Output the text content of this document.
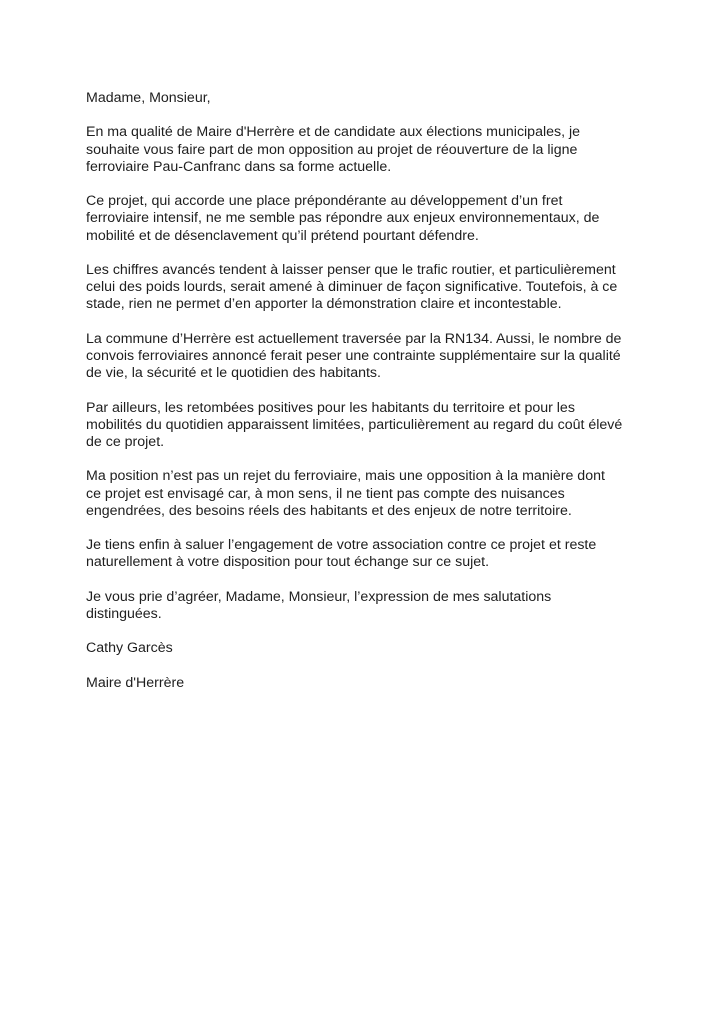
Madame, Monsieur,

En ma qualité de Maire d'Herrère et de candidate aux élections municipales, je
souhaite vous faire part de mon opposition au projet de réouverture de la ligne
ferroviaire Pau-Canfranc dans sa forme actuelle.

Ce projet, qui accorde une place prépondérante au développement d’un fret
ferroviaire intensif, ne me semble pas répondre aux enjeux environnementaux, de
mobilité et de désenclavement qu’il prétend pourtant défendre.

Les chiffres avancés tendent à laisser penser que le trafic routier, et particulièrement
celui des poids lourds, serait amené à diminuer de façon significative. Toutefois, à ce
stade, rien ne permet d’en apporter la démonstration claire et incontestable.

La commune d’Herrère est actuellement traversée par la RN134. Aussi, le nombre de
convois ferroviaires annoncé ferait peser une contrainte supplémentaire sur la qualité
de vie, la sécurité et le quotidien des habitants.

Par ailleurs, les retombées positives pour les habitants du territoire et pour les
mobilités du quotidien apparaissent limitées, particulièrement au regard du coût élevé
de ce projet.

Ma position n’est pas un rejet du ferroviaire, mais une opposition à la manière dont
ce projet est envisagé car, à mon sens, il ne tient pas compte des nuisances
engendrées, des besoins réels des habitants et des enjeux de notre territoire.

Je tiens enfin à saluer l’engagement de votre association contre ce projet et reste
naturellement à votre disposition pour tout échange sur ce sujet.

Je vous prie d’agréer, Madame, Monsieur, l’expression de mes salutations
distinguées.

Cathy Garcès

Maire d'Herrère
